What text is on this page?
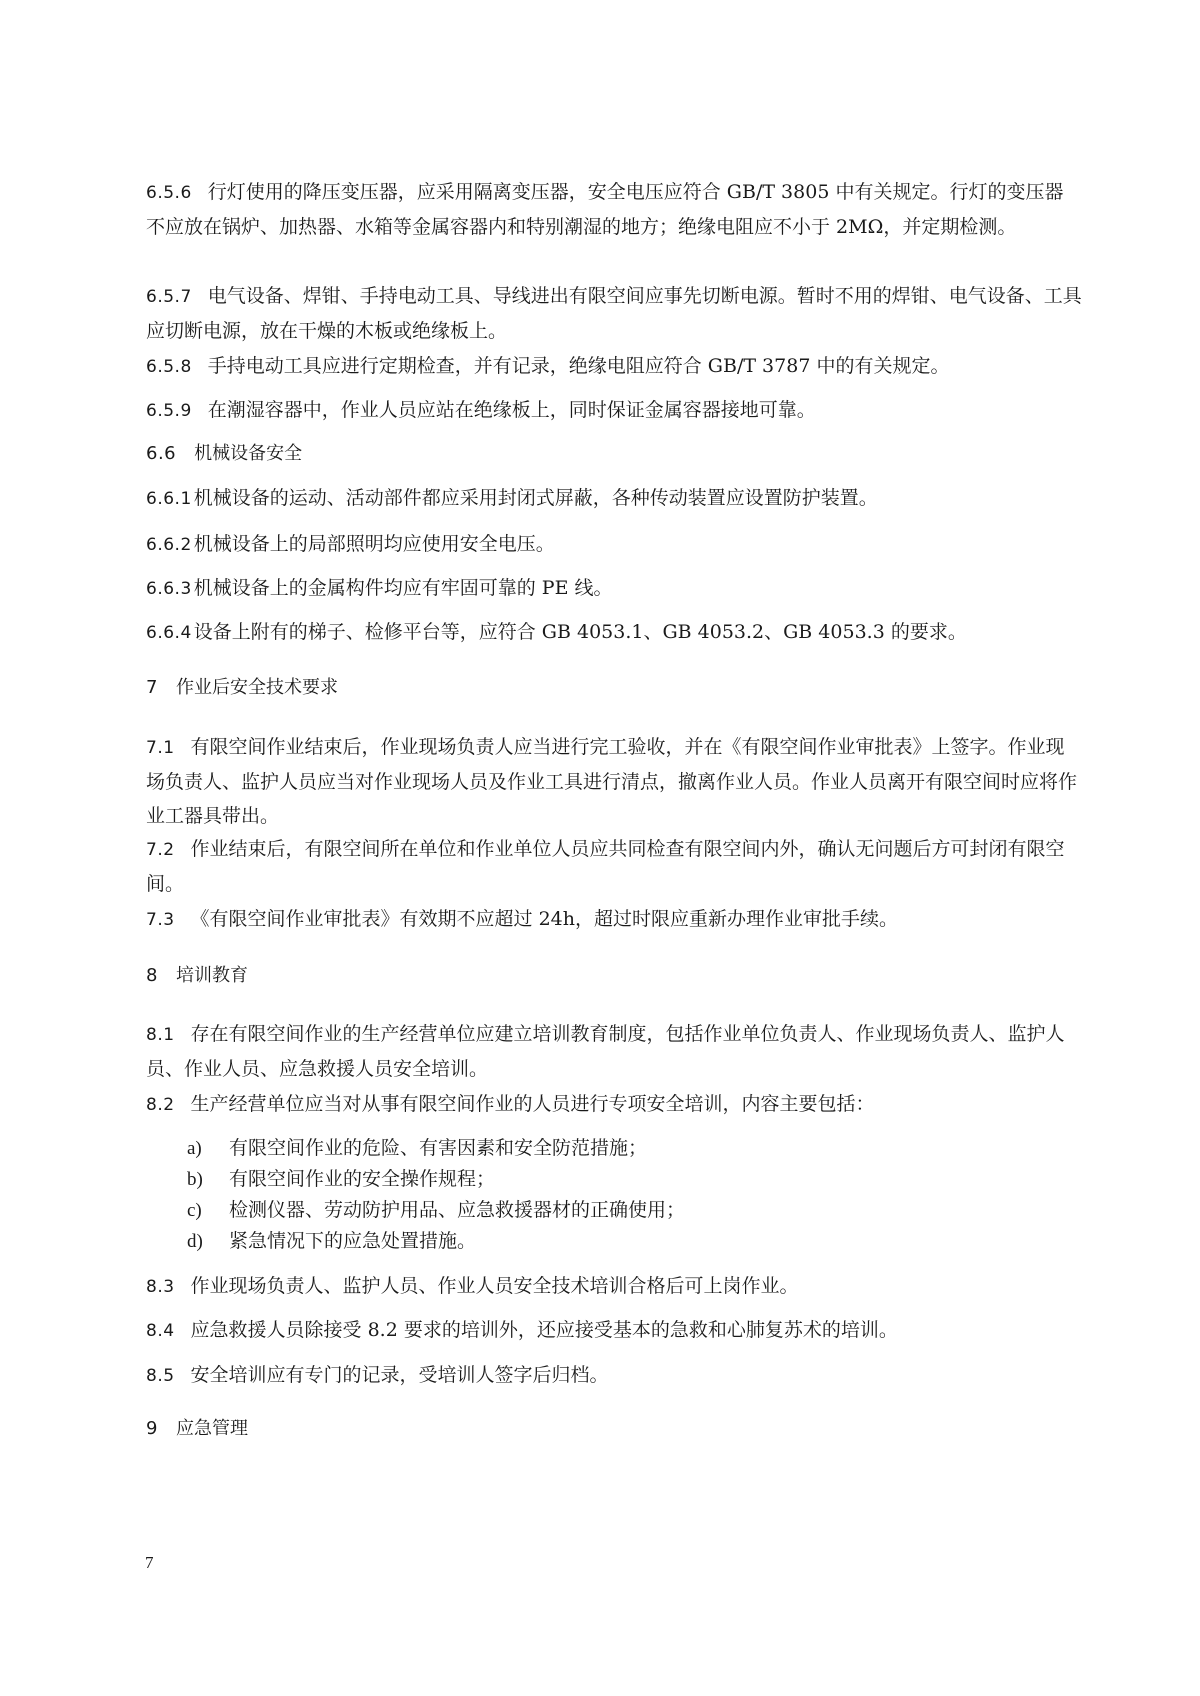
6.5.6 行灯使用的降压变压器，应采用隔离变压器，安全电压应符合 GB/T 3805 中有关规定。行灯的变压器不应放在锅炉、加热器、水箱等金属容器内和特别潮湿的地方；绝缘电阻应不小于 2MΩ，并定期检测。

6.5.7 电气设备、焊钳、手持电动工具、导线进出有限空间应事先切断电源。暂时不用的焊钳、电气设备、工具应切断电源，放在干燥的木板或绝缘板上。

6.5.8 手持电动工具应进行定期检查，并有记录，绝缘电阻应符合 GB/T 3787 中的有关规定。

6.5.9 在潮湿容器中，作业人员应站在绝缘板上，同时保证金属容器接地可靠。

6.6 机械设备安全

6.6.1 机械设备的运动、活动部件都应采用封闭式屏蔽，各种传动装置应设置防护装置。

6.6.2 机械设备上的局部照明均应使用安全电压。

6.6.3 机械设备上的金属构件均应有牢固可靠的 PE 线。

6.6.4 设备上附有的梯子、检修平台等，应符合 GB 4053.1、GB 4053.2、GB 4053.3 的要求。

7 作业后安全技术要求

7.1 有限空间作业结束后，作业现场负责人应当进行完工验收，并在《有限空间作业审批表》上签字。作业现场负责人、监护人员应当对作业现场人员及作业工具进行清点，撤离作业人员。作业人员离开有限空间时应将作业工器具带出。

7.2 作业结束后，有限空间所在单位和作业单位人员应共同检查有限空间内外，确认无问题后方可封闭有限空间。

7.3 《有限空间作业审批表》有效期不应超过 24h，超过时限应重新办理作业审批手续。

8 培训教育

8.1 存在有限空间作业的生产经营单位应建立培训教育制度，包括作业单位负责人、作业现场负责人、监护人员、作业人员、应急救援人员安全培训。

8.2 生产经营单位应当对从事有限空间作业的人员进行专项安全培训，内容主要包括：

a) 有限空间作业的危险、有害因素和安全防范措施；

b) 有限空间作业的安全操作规程；

c) 检测仪器、劳动防护用品、应急救援器材的正确使用；

d) 紧急情况下的应急处置措施。

8.3 作业现场负责人、监护人员、作业人员安全技术培训合格后可上岗作业。

8.4 应急救援人员除接受 8.2 要求的培训外，还应接受基本的急救和心肺复苏术的培训。

8.5 安全培训应有专门的记录，受培训人签字后归档。

9 应急管理

7
